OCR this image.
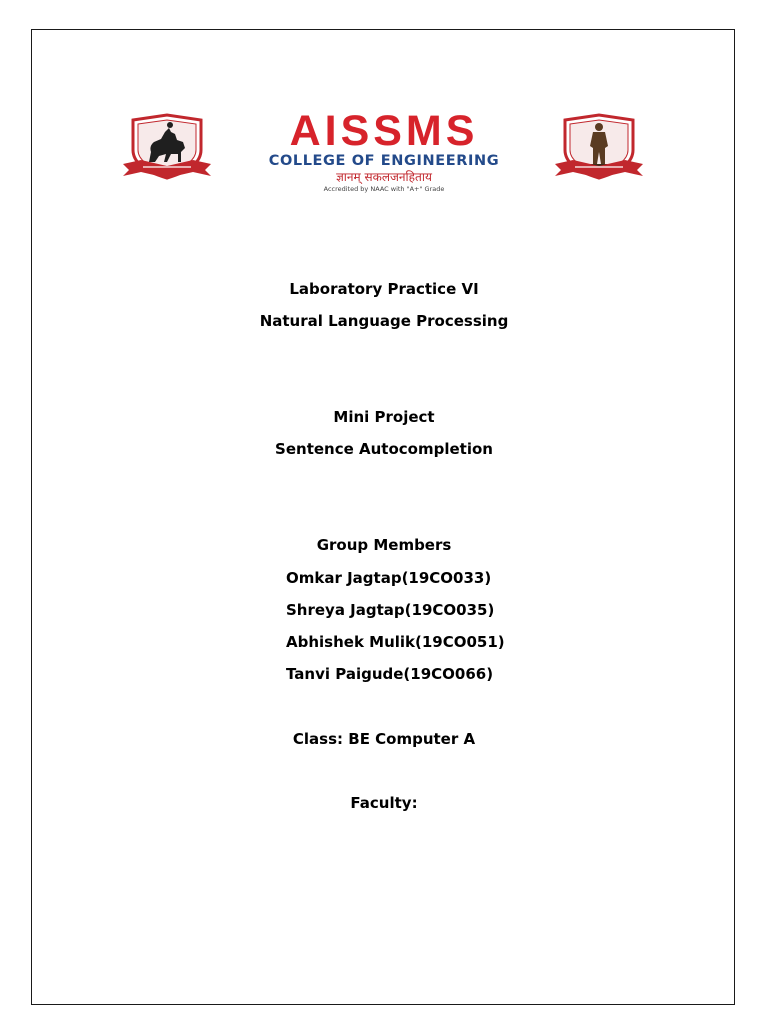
AISSMS
COLLEGE OF ENGINEERING
ज्ञानम् सकलजनहिताय
Accredited by NAAC with "A+" Grade
Laboratory Practice VI
Natural Language Processing
Mini Project
Sentence Autocompletion
Group Members
Omkar Jagtap(19CO033)
Shreya Jagtap(19CO035)
Abhishek Mulik(19CO051)
Tanvi Paigude(19CO066)
Class: BE Computer A
Faculty:
